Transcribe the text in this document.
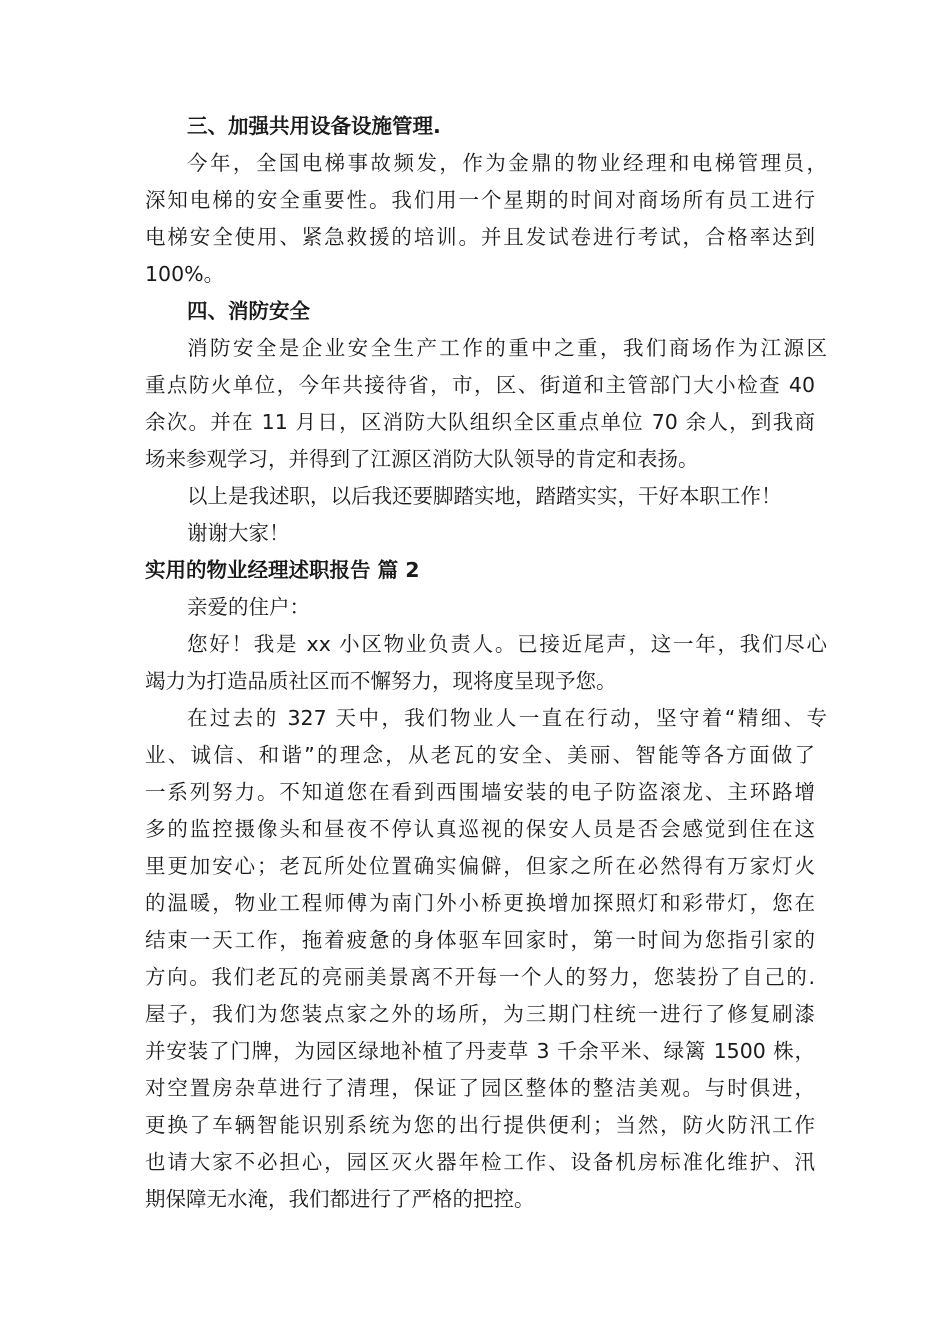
三、加强共用设备设施管理.
今年，全国电梯事故频发，作为金鼎的物业经理和电梯管理员，
深知电梯的安全重要性。我们用一个星期的时间对商场所有员工进行
电梯安全使用、紧急救援的培训。并且发试卷进行考试，合格率达到
100%。
四、消防安全
消防安全是企业安全生产工作的重中之重，我们商场作为江源区
重点防火单位，今年共接待省，市，区、街道和主管部门大小检查 40
余次。并在 11 月日，区消防大队组织全区重点单位 70 余人，到我商
场来参观学习，并得到了江源区消防大队领导的肯定和表扬。
以上是我述职，以后我还要脚踏实地，踏踏实实，干好本职工作！
谢谢大家！
实用的物业经理述职报告 篇 2
亲爱的住户：
您好！我是 xx 小区物业负责人。已接近尾声，这一年，我们尽心
竭力为打造品质社区而不懈努力，现将度呈现予您。
在过去的 327 天中，我们物业人一直在行动，坚守着“精细、专
业、诚信、和谐”的理念，从老瓦的安全、美丽、智能等各方面做了
一系列努力。不知道您在看到西围墙安装的电子防盗滚龙、主环路增
多的监控摄像头和昼夜不停认真巡视的保安人员是否会感觉到住在这
里更加安心；老瓦所处位置确实偏僻，但家之所在必然得有万家灯火
的温暖，物业工程师傅为南门外小桥更换增加探照灯和彩带灯，您在
结束一天工作，拖着疲惫的身体驱车回家时，第一时间为您指引家的
方向。我们老瓦的亮丽美景离不开每一个人的努力，您装扮了自己的.
屋子，我们为您装点家之外的场所，为三期门柱统一进行了修复刷漆
并安装了门牌，为园区绿地补植了丹麦草 3 千余平米、绿篱 1500 株，
对空置房杂草进行了清理，保证了园区整体的整洁美观。与时俱进，
更换了车辆智能识别系统为您的出行提供便利；当然，防火防汛工作
也请大家不必担心，园区灭火器年检工作、设备机房标准化维护、汛
期保障无水淹，我们都进行了严格的把控。
